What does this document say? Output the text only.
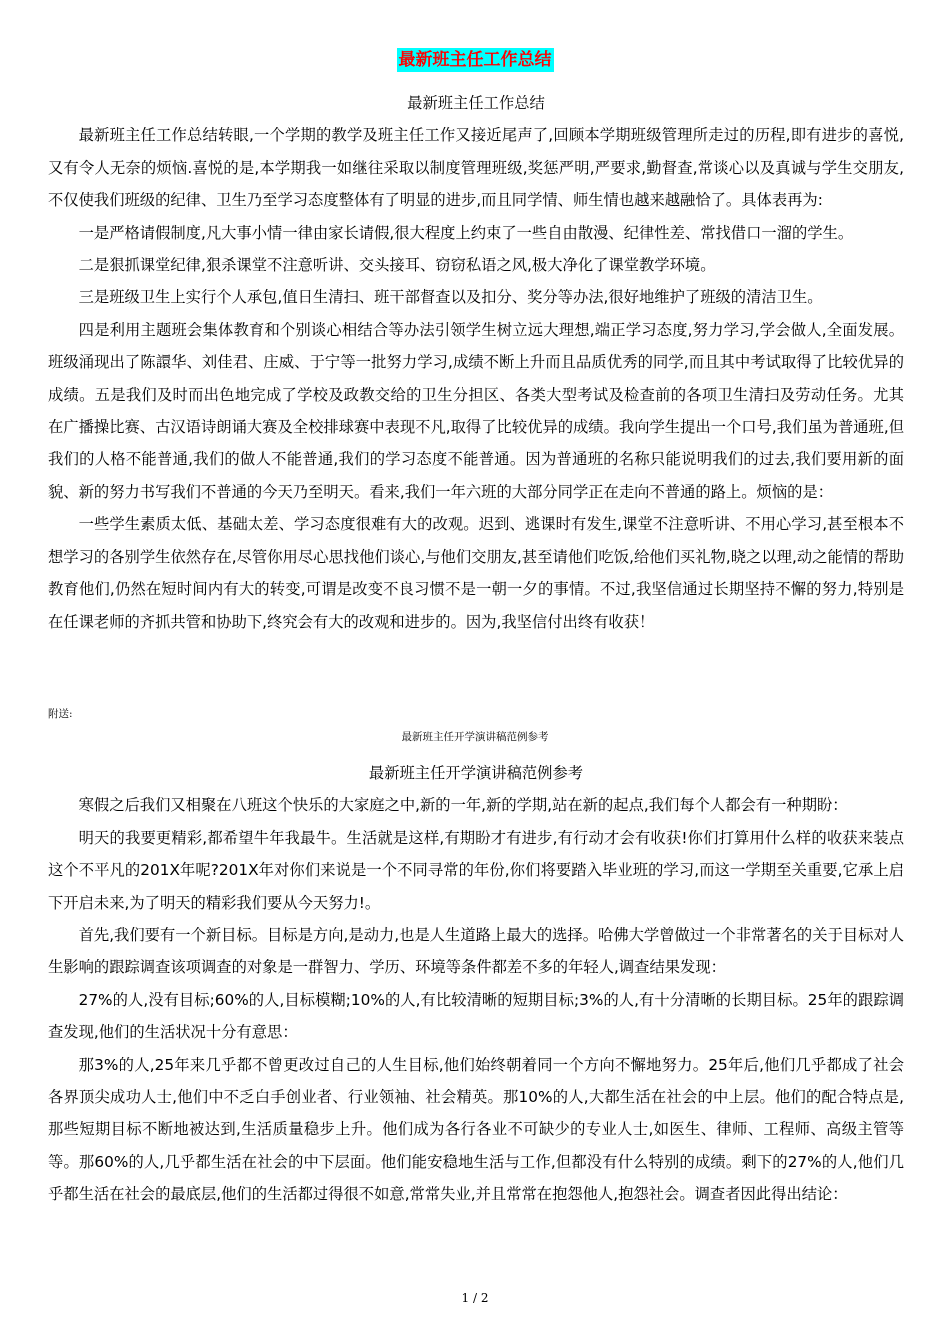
最新班主任工作总结

最新班主任工作总结

最新班主任工作总结转眼,一个学期的教学及班主任工作又接近尾声了,回顾本学期班级管理所走过的历程,即有进步的喜悦,又有令人无奈的烦恼.喜悦的是,本学期我一如继往采取以制度管理班级,奖惩严明,严要求,勤督查,常谈心以及真诚与学生交朋友,不仅使我们班级的纪律、卫生乃至学习态度整体有了明显的进步,而且同学情、师生情也越来越融恰了。具体表再为:

一是严格请假制度,凡大事小情一律由家长请假,很大程度上约束了一些自由散漫、纪律性差、常找借口一溜的学生。

二是狠抓课堂纪律,狠杀课堂不注意听讲、交头接耳、窃窃私语之风,极大净化了课堂教学环境。

三是班级卫生上实行个人承包,值日生清扫、班干部督查以及扣分、奖分等办法,很好地维护了班级的清洁卫生。

四是利用主题班会集体教育和个别谈心相结合等办法引领学生树立远大理想,端正学习态度,努力学习,学会做人,全面发展。班级涌现出了陈譞华、刘佳君、庄威、于宁等一批努力学习,成绩不断上升而且品质优秀的同学,而且其中考试取得了比较优异的成绩。五是我们及时而出色地完成了学校及政教交给的卫生分担区、各类大型考试及检查前的各项卫生清扫及劳动任务。尤其在广播操比赛、古汉语诗朗诵大赛及全校排球赛中表现不凡,取得了比较优异的成绩。我向学生提出一个口号,我们虽为普通班,但我们的人格不能普通,我们的做人不能普通,我们的学习态度不能普通。因为普通班的名称只能说明我们的过去,我们要用新的面貌、新的努力书写我们不普通的今天乃至明天。看来,我们一年六班的大部分同学正在走向不普通的路上。烦恼的是：

一些学生素质太低、基础太差、学习态度很难有大的改观。迟到、逃课时有发生,课堂不注意听讲、不用心学习,甚至根本不想学习的各别学生依然存在,尽管你用尽心思找他们谈心,与他们交朋友,甚至请他们吃饭,给他们买礼物,晓之以理,动之能情的帮助教育他们,仍然在短时间内有大的转变,可谓是改变不良习惯不是一朝一夕的事情。不过,我坚信通过长期坚持不懈的努力,特别是在任课老师的齐抓共管和协助下,终究会有大的改观和进步的。因为,我坚信付出终有收获！

附送:
最新班主任开学演讲稿范例参考

最新班主任开学演讲稿范例参考

寒假之后我们又相聚在八班这个快乐的大家庭之中,新的一年,新的学期,站在新的起点,我们每个人都会有一种期盼：

明天的我要更精彩,都希望牛年我最牛。生活就是这样,有期盼才有进步,有行动才会有收获!你们打算用什么样的收获来装点这个不平凡的201X年呢?201X年对你们来说是一个不同寻常的年份,你们将要踏入毕业班的学习,而这一学期至关重要,它承上启下开启未来,为了明天的精彩我们要从今天努力!。

首先,我们要有一个新目标。目标是方向,是动力,也是人生道路上最大的选择。哈佛大学曾做过一个非常著名的关于目标对人生影响的跟踪调查该项调查的对象是一群智力、学历、环境等条件都差不多的年轻人,调查结果发现：

27%的人,没有目标;60%的人,目标模糊;10%的人,有比较清晰的短期目标;3%的人,有十分清晰的长期目标。25年的跟踪调查发现,他们的生活状况十分有意思：

那3%的人,25年来几乎都不曾更改过自己的人生目标,他们始终朝着同一个方向不懈地努力。25年后,他们几乎都成了社会各界顶尖成功人士,他们中不乏白手创业者、行业领袖、社会精英。那10%的人,大都生活在社会的中上层。他们的配合特点是,那些短期目标不断地被达到,生活质量稳步上升。他们成为各行各业不可缺少的专业人士,如医生、律师、工程师、高级主管等等。那60%的人,几乎都生活在社会的中下层面。他们能安稳地生活与工作,但都没有什么特别的成绩。剩下的27%的人,他们几乎都生活在社会的最底层,他们的生活都过得很不如意,常常失业,并且常常在抱怨他人,抱怨社会。调查者因此得出结论：

1 / 2
